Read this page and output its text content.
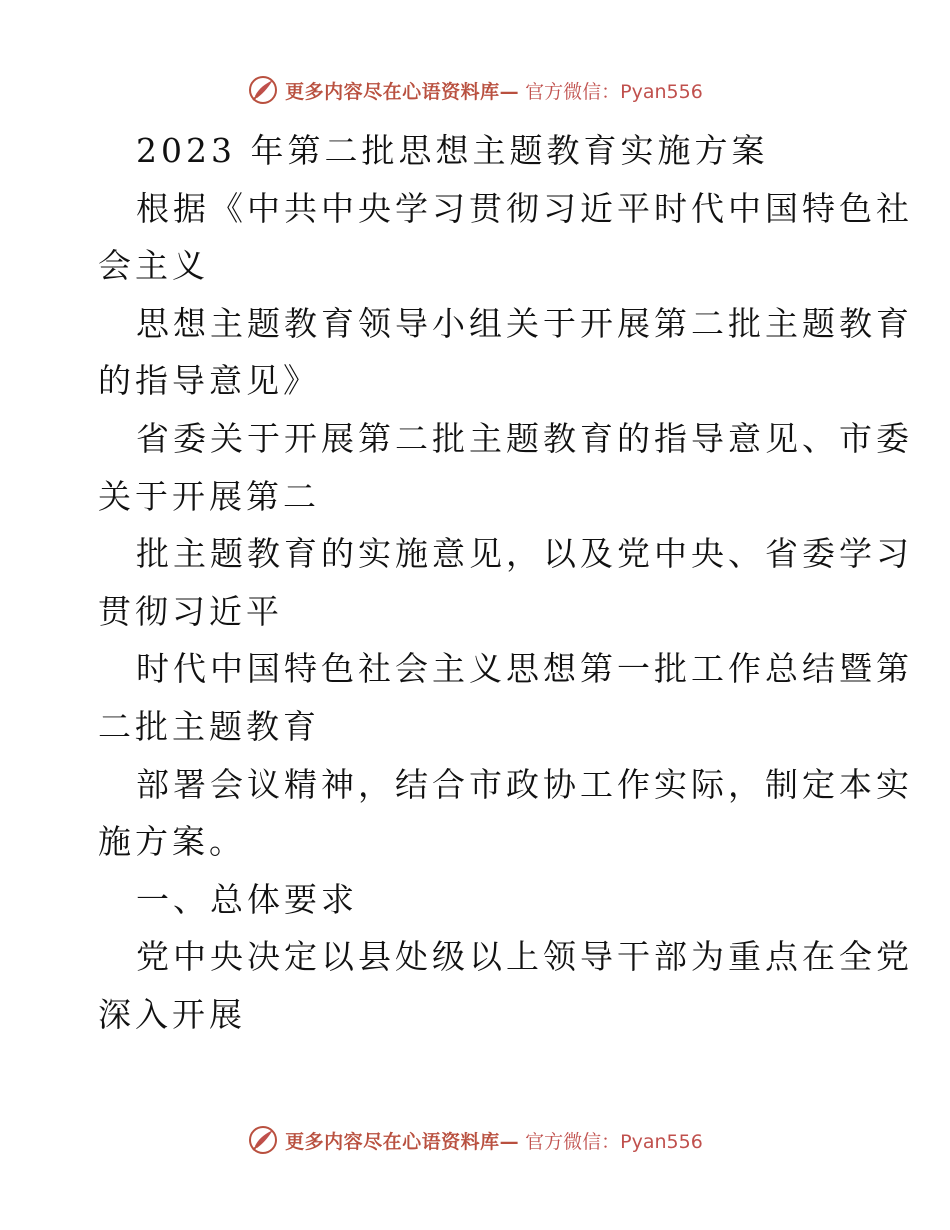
更多内容尽在心语资料库— 官方微信：Pyan556
2023 年第二批思想主题教育实施方案
根据《中共中央学习贯彻习近平时代中国特色社
会主义
思想主题教育领导小组关于开展第二批主题教育
的指导意见》
省委关于开展第二批主题教育的指导意见、市委
关于开展第二
批主题教育的实施意见，以及党中央、省委学习
贯彻习近平
时代中国特色社会主义思想第一批工作总结暨第
二批主题教育
部署会议精神，结合市政协工作实际，制定本实
施方案。
一、总体要求
党中央决定以县处级以上领导干部为重点在全党
深入开展
更多内容尽在心语资料库— 官方微信：Pyan556
